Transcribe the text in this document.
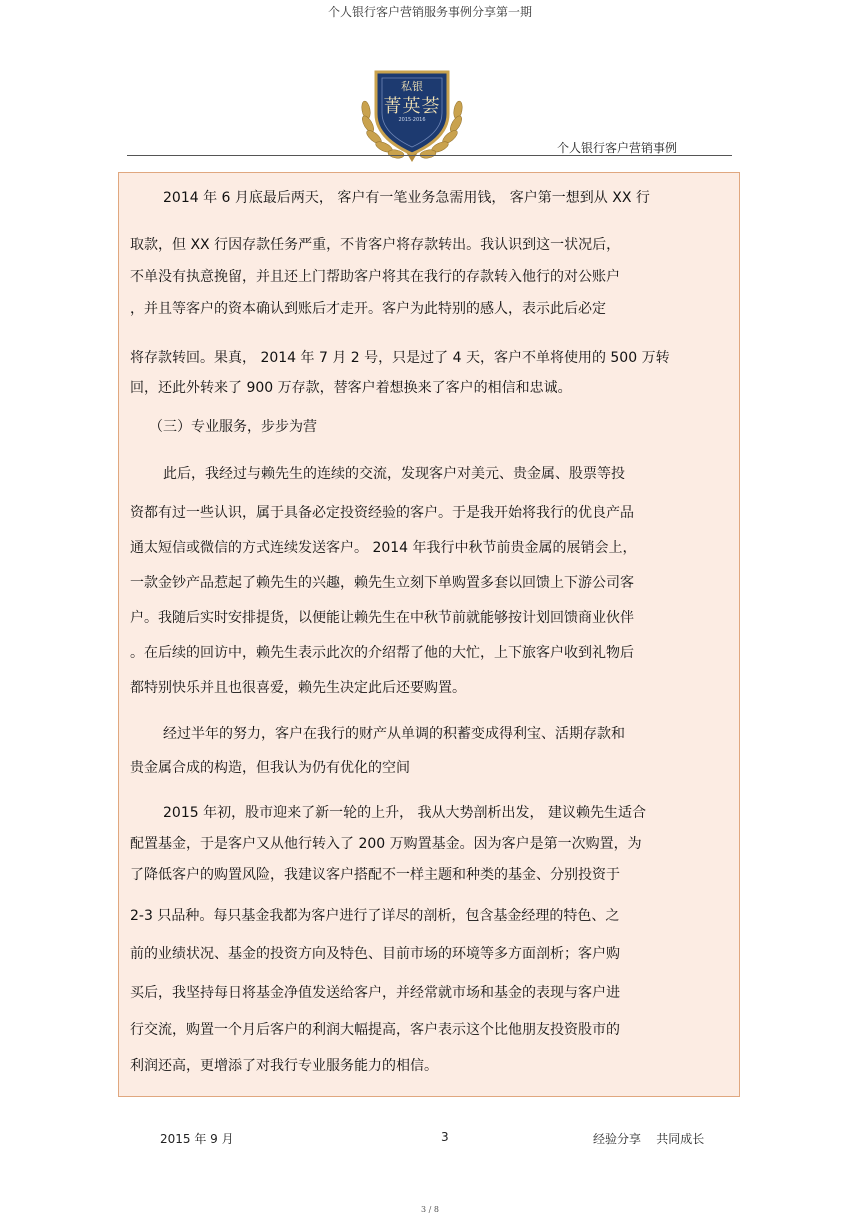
个人银行客户营销服务事例分享第一期
私银
菁英荟
2015·2016
个人银行客户营销事例
2014 年 6 月底最后两天， 客户有一笔业务急需用钱， 客户第一想到从 XX 行
取款，但 XX 行因存款任务严重，不肯客户将存款转出。我认识到这一状况后，
不单没有执意挽留，并且还上门帮助客户将其在我行的存款转入他行的对公账户
，并且等客户的资本确认到账后才走开。客户为此特别的感人，表示此后必定
将存款转回。果真， 2014 年 7 月 2 号，只是过了 4 天，客户不单将使用的 500 万转
回，还此外转来了 900 万存款，替客户着想换来了客户的相信和忠诚。
（三）专业服务，步步为营
此后，我经过与赖先生的连续的交流，发现客户对美元、贵金属、股票等投
资都有过一些认识，属于具备必定投资经验的客户。于是我开始将我行的优良产品
通太短信或微信的方式连续发送客户。 2014 年我行中秋节前贵金属的展销会上，
一款金钞产品惹起了赖先生的兴趣，赖先生立刻下单购置多套以回馈上下游公司客
户。我随后实时安排提货，以便能让赖先生在中秋节前就能够按计划回馈商业伙伴
。在后续的回访中，赖先生表示此次的介绍帮了他的大忙，上下旅客户收到礼物后
都特别快乐并且也很喜爱，赖先生决定此后还要购置。
经过半年的努力，客户在我行的财产从单调的积蓄变成得利宝、活期存款和
贵金属合成的构造，但我认为仍有优化的空间
2015 年初，股市迎来了新一轮的上升， 我从大势剖析出发， 建议赖先生适合
配置基金，于是客户又从他行转入了 200 万购置基金。因为客户是第一次购置，为
了降低客户的购置风险，我建议客户搭配不一样主题和种类的基金、分别投资于
2-3 只品种。每只基金我都为客户进行了详尽的剖析，包含基金经理的特色、之
前的业绩状况、基金的投资方向及特色、目前市场的环境等多方面剖析；客户购
买后，我坚持每日将基金净值发送给客户，并经常就市场和基金的表现与客户进
行交流，购置一个月后客户的利润大幅提高，客户表示这个比他朋友投资股市的
利润还高，更增添了对我行专业服务能力的相信。
2015 年 9 月	3	经验分享    共同成长
3 / 8
